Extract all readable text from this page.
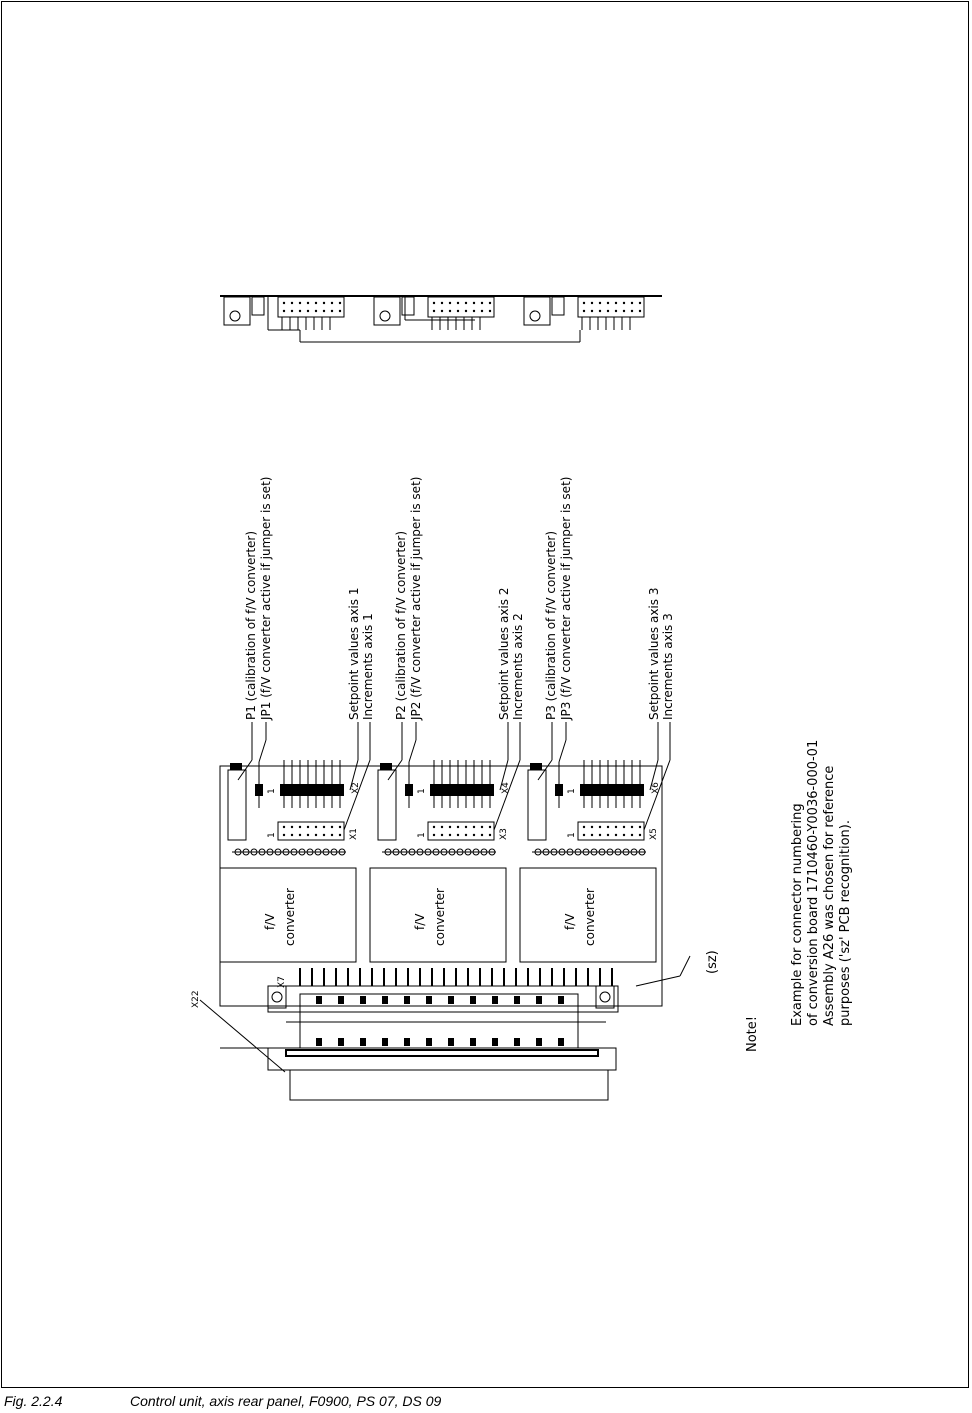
Note!
Example for connector numbering of conversion board 1710460-Y0036-000-01 Assembly A26 was chosen for reference purposes ('sz' PCB recognition).
(sz)
X22
X7
P1 (calibration of f/V converter) JP1 (f/V converter active if jumper is set)	Setpoint values axis 1 Increments axis 1
X2
X1
1
1
f/V converter
P2 (calibration of f/V converter) JP2 (f/V converter active if jumper is set)	Setpoint values axis 2 Increments axis 2
X4
X3
1
1
f/V converter
P3 (calibration of f/V converter) JP3 (f/V converter active if jumper is set)	Setpoint values axis 3 Increments axis 3
X6
X5
1
1
f/V converter
Fig. 2.2.4	Control unit, axis rear panel, F0900, PS 07, DS 09
